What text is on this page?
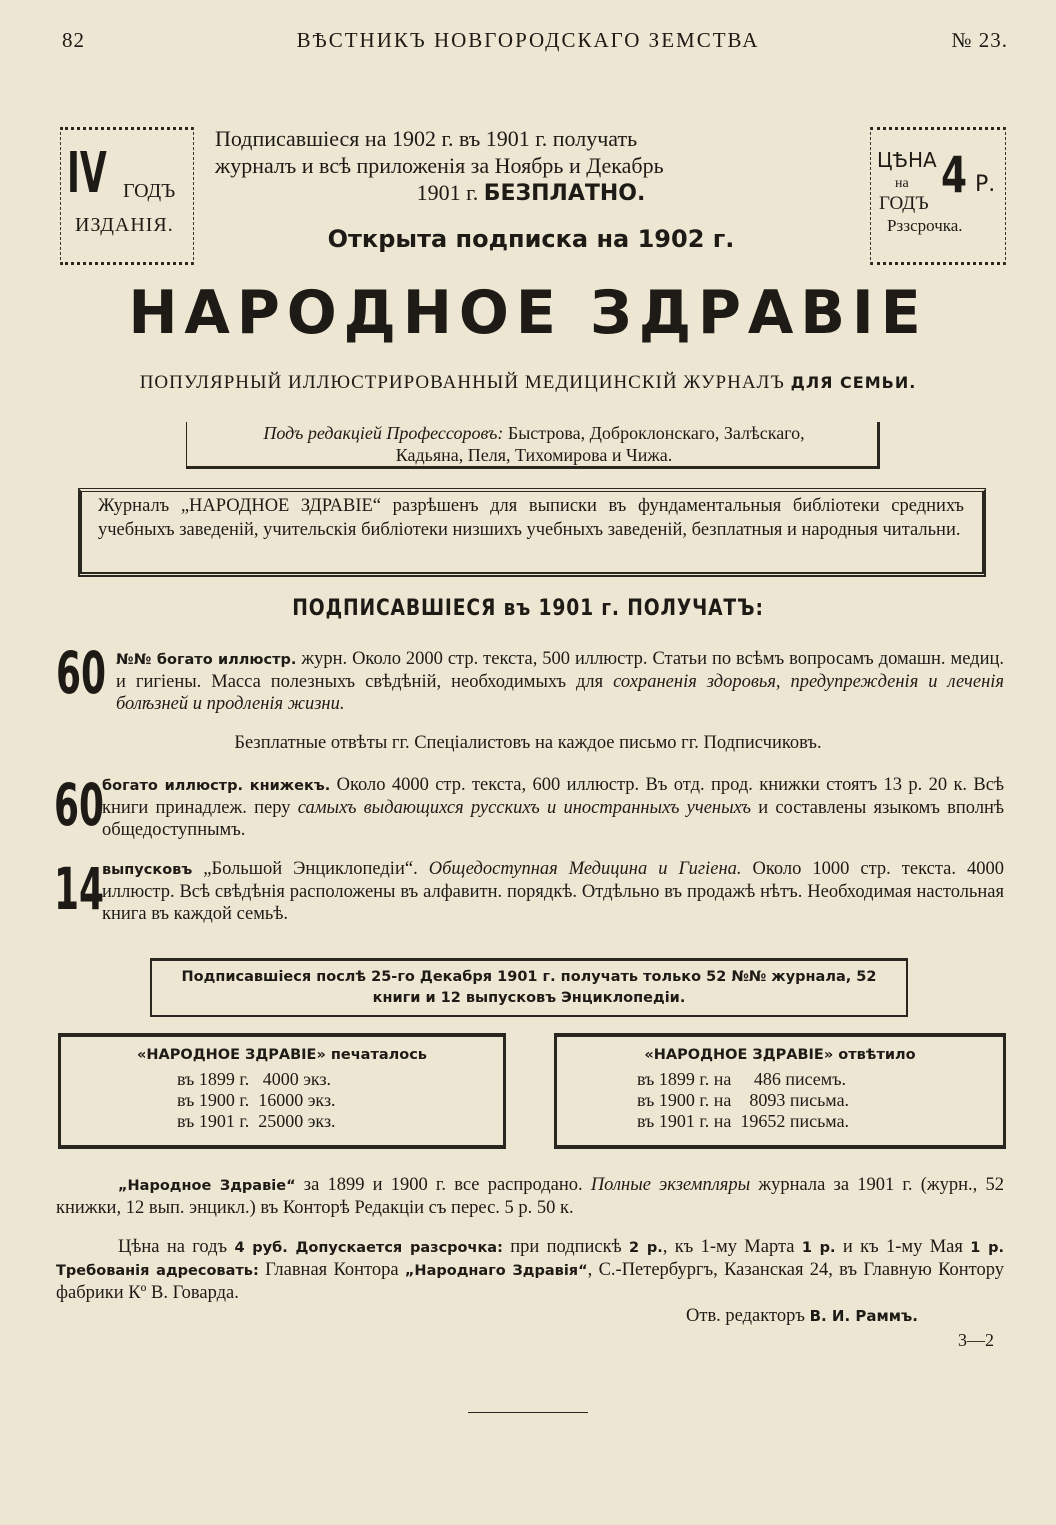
82	ВѢСТНИКЪ НОВГОРОДСКАГО ЗЕМСТВА	№ 23.
IV ГОДЪ
ИЗДАНІЯ.
Подписавшіеся на 1902 г. въ 1901 г. получать
журналъ и всѣ приложенія за Ноябрь и Декабрь
1901 г. БЕЗПЛАТНО.
Открыта подписка на 1902 г.
ЦѢНА
на
ГОДЪ 4 Р.
Рззсрочка.
НАРОДНОЕ ЗДРАВІЕ
ПОПУЛЯРНЫЙ ИЛЛЮСТРИРОВАННЫЙ МЕДИЦИНСКІЙ ЖУРНАЛЪ ДЛЯ СЕМЬИ.
Подъ редакціей Профессоровъ: Быстрова, Доброклонскаго, Залѣскаго,
Кадьяна, Пеля, Тихомирова и Чижа.
Журналъ „НАРОДНОЕ ЗДРАВІЕ“ разрѣшенъ для выписки въ фундаментальныя библіотеки среднихъ учебныхъ заведеній, учительскія библіотеки низшихъ учебныхъ заведеній, безплатныя и народныя читальни.
ПОДПИСАВШІЕСЯ въ 1901 г. ПОЛУЧАТЪ:
60 №№ богато иллюстр. журн. Около 2000 стр. текста, 500 иллюстр. Статьи по всѣмъ вопросамъ домашн. медиц. и гигіены. Масса полезныхъ свѣдѣній, необходимыхъ для сохраненія здоровья, предупрежденія и леченія болѣзней и продленія жизни.
Безплатные отвѣты гг. Спеціалистовъ на каждое письмо гг. Подписчиковъ.
60
богато иллюстр. книжекъ. Около 4000 стр. текста, 600 иллюстр. Въ отд. прод. книжки стоятъ 13 р. 20 к. Всѣ книги принадлеж. перу самыхъ выдающихся русскихъ и иностранныхъ ученыхъ и составлены языкомъ вполнѣ общедоступнымъ.
14
выпусковъ „Большой Энциклопедіи“. Общедоступная Медицина и Гигіена. Около 1000 стр. текста. 4000 иллюстр. Всѣ свѣдѣнія расположены въ алфавитн. порядкѣ. Отдѣльно въ продажѣ нѣтъ. Необходимая настольная книга въ каждой семьѣ.
Подписавшіеся послѣ 25-го Декабря 1901 г. получать только 52 №№ журнала, 52 книги и 12 выпусковъ Энциклопедіи.
«НАРОДНОЕ ЗДРАВІЕ» печаталось
въ 1899 г.   4000 экз.
въ 1900 г.  16000 экз.
въ 1901 г.  25000 экз.
«НАРОДНОЕ ЗДРАВІЕ» отвѣтило
въ 1899 г. на     486 писемъ.
въ 1900 г. на    8093 письма.
въ 1901 г. на  19652 письма.
„Народное Здравіе“ за 1899 и 1900 г. все распродано. Полные экземпляры журнала за 1901 г. (журн., 52 книжки, 12 вып. энцикл.) въ Конторѣ Редакціи съ перес. 5 р. 50 к.
Цѣна на годъ 4 руб. Допускается разсрочка: при подпискѣ 2 р., къ 1-му Марта 1 р. и къ 1-му Мая 1 р. Требованія адресовать: Главная Контора „Народнаго Здравія“, С.-Петербургъ, Казанская 24, въ Главную Контору фабрики Кº В. Говарда.
Отв. редакторъ В. И. Раммъ.
3—2
